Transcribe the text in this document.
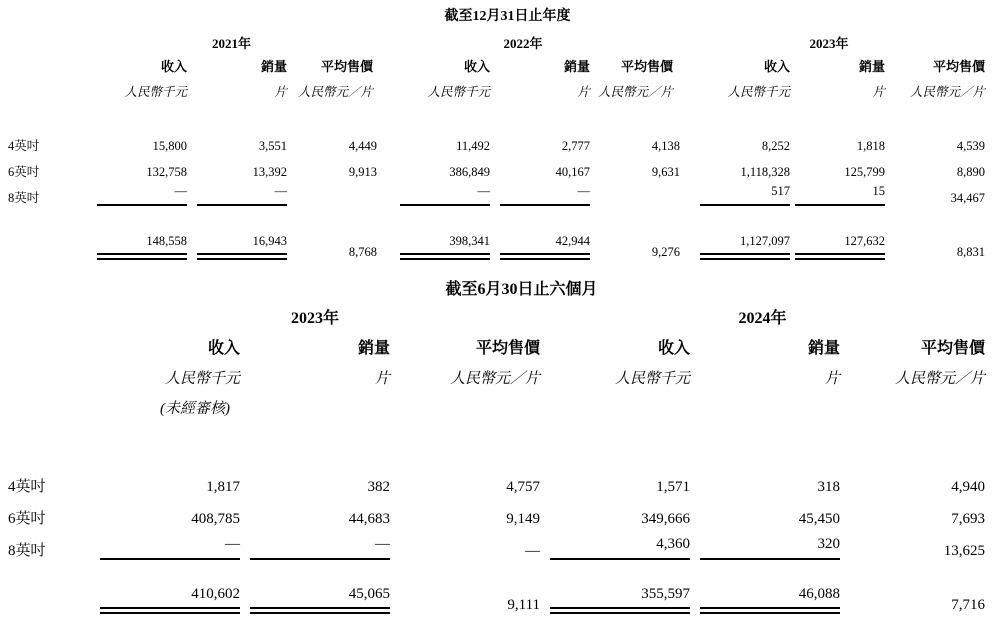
截至12月31日止年度
	2021年			2022年			2023年		
	收入	銷量	平均售價	收入	銷量	平均售價	收入	銷量	平均售價
	人民幣千元	片	人民幣元／片	人民幣千元	片	人民幣元／片	人民幣千元	片	人民幣元／片

4英吋	15,800	3,551	4,449	11,492	2,777	4,138	8,252	1,818	4,539
6英吋	132,758	13,392	9,913	386,849	40,167	9,631	1,118,328	125,799	8,890
8英吋	—	—		—	—		517	15	34,467

	148,558	16,943	8,768	398,341	42,944	9,276	1,127,097	127,632	8,831
截至6月30日止六個月
	2023年			2024年		
	收入	銷量	平均售價	收入	銷量	平均售價
	人民幣千元	片	人民幣元／片	人民幣千元	片	人民幣元／片
	(未經審核)					

4英吋	1,817	382	4,757	1,571	318	4,940
6英吋	408,785	44,683	9,149	349,666	45,450	7,693
8英吋	—	—	—	4,360	320	13,625

	410,602	45,065	9,111	355,597	46,088	7,716
